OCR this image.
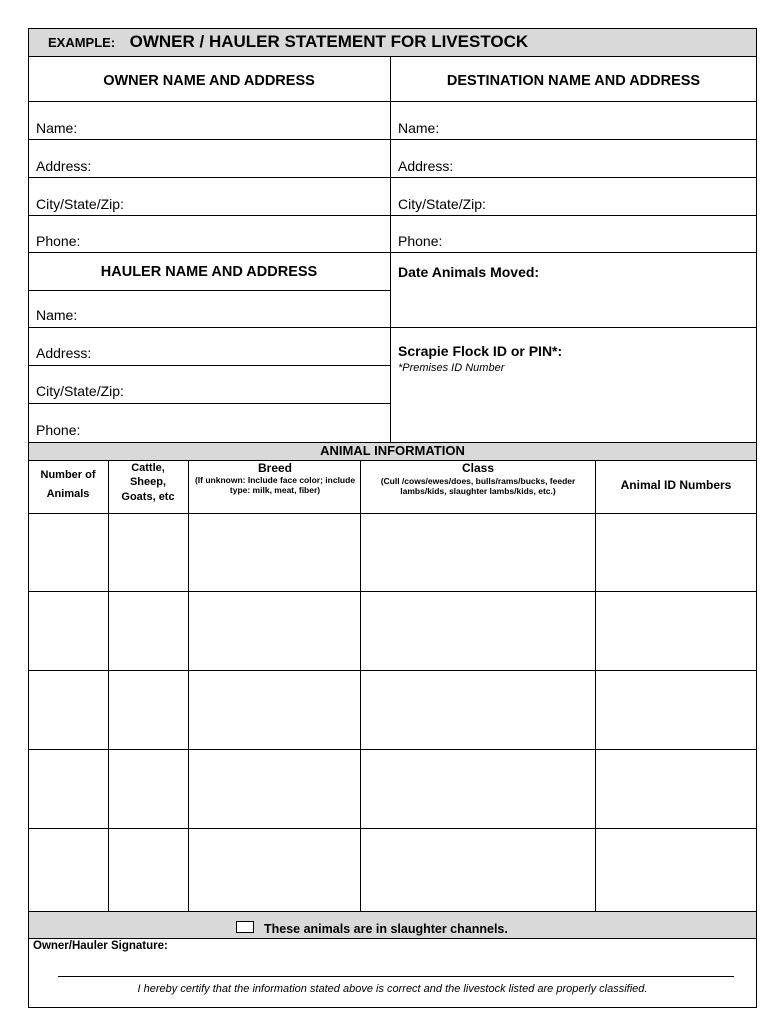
EXAMPLE: OWNER / HAULER STATEMENT FOR LIVESTOCK
OWNER NAME AND ADDRESS
Name:
Address:
City/State/Zip:
Phone:
DESTINATION NAME AND ADDRESS
Name:
Address:
City/State/Zip:
Phone:
HAULER NAME AND ADDRESS
Name:
Address:
City/State/Zip:
Phone:
Date Animals Moved:
Scrapie Flock ID or PIN*:
*Premises ID Number
ANIMAL INFORMATION
Number of
Animals
Cattle,
Sheep,
Goats, etc
Breed
(If unknown: Include face color; include type: milk, meat, fiber)
Class
(Cull /cows/ewes/does, bulls/rams/bucks, feeder lambs/kids, slaughter lambs/kids, etc.)	Animal ID Numbers
These animals are in slaughter channels.
Owner/Hauler Signature:
I hereby certify that the information stated above is correct and the livestock listed are properly classified.
